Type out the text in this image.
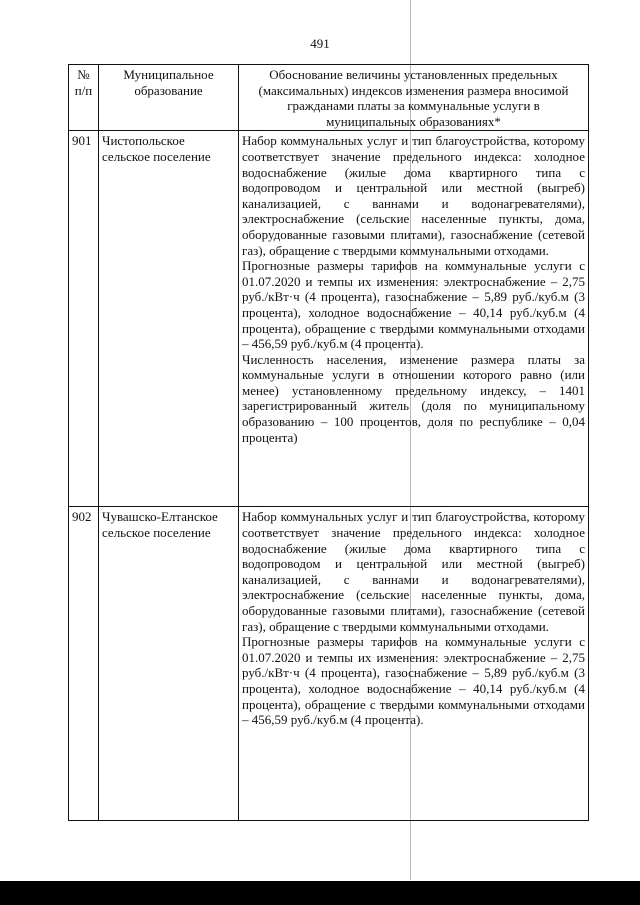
491
№ п/п	Муниципальное образование	Обоснование величины установленных предельных (максимальных) индексов изменения размера вносимой гражданами платы за коммунальные услуги в муниципальных образованиях*
901	Чистопольское сельское поселение	Набор коммунальных услуг и тип благоустройства, которому соответствует значение предельного индекса: холодное водоснабжение (жилые дома квартирного типа с водопроводом и центральной или местной (выгреб) канализацией, с ваннами и водонагревателями), электроснабжение (сельские населенные пункты, дома, оборудованные газовыми плитами), газоснабжение (сетевой газ), обращение с твердыми коммунальными отходами.

Прогнозные размеры тарифов на коммунальные услуги с 01.07.2020 и темпы их изменения: электроснабжение – 2,75 руб./кВт·ч (4 процента), газоснабжение – 5,89 руб./куб.м (3 процента), холодное водоснабжение – 40,14 руб./куб.м (4 процента), обращение с твердыми коммунальными отходами – 456,59 руб./куб.м (4 процента).

Численность населения, изменение размера платы за коммунальные услуги в отношении которого равно (или менее) установленному предельному индексу, – 1401 зарегистрированный житель (доля по муниципальному образованию – 100 процентов, доля по республике – 0,04 процента)

902	Чувашско-Елтанское сельское поселение	Набор коммунальных услуг и тип благоустройства, которому соответствует значение предельного индекса: холодное водоснабжение (жилые дома квартирного типа с водопроводом и центральной или местной (выгреб) канализацией, с ваннами и водонагревателями), электроснабжение (сельские населенные пункты, дома, оборудованные газовыми плитами), газоснабжение (сетевой газ), обращение с твердыми коммунальными отходами.

Прогнозные размеры тарифов на коммунальные услуги с 01.07.2020 и темпы их изменения: электроснабжение – 2,75 руб./кВт·ч (4 процента), газоснабжение – 5,89 руб./куб.м (3 процента), холодное водоснабжение – 40,14 руб./куб.м (4 процента), обращение с твердыми коммунальными отходами – 456,59 руб./куб.м (4 процента).
